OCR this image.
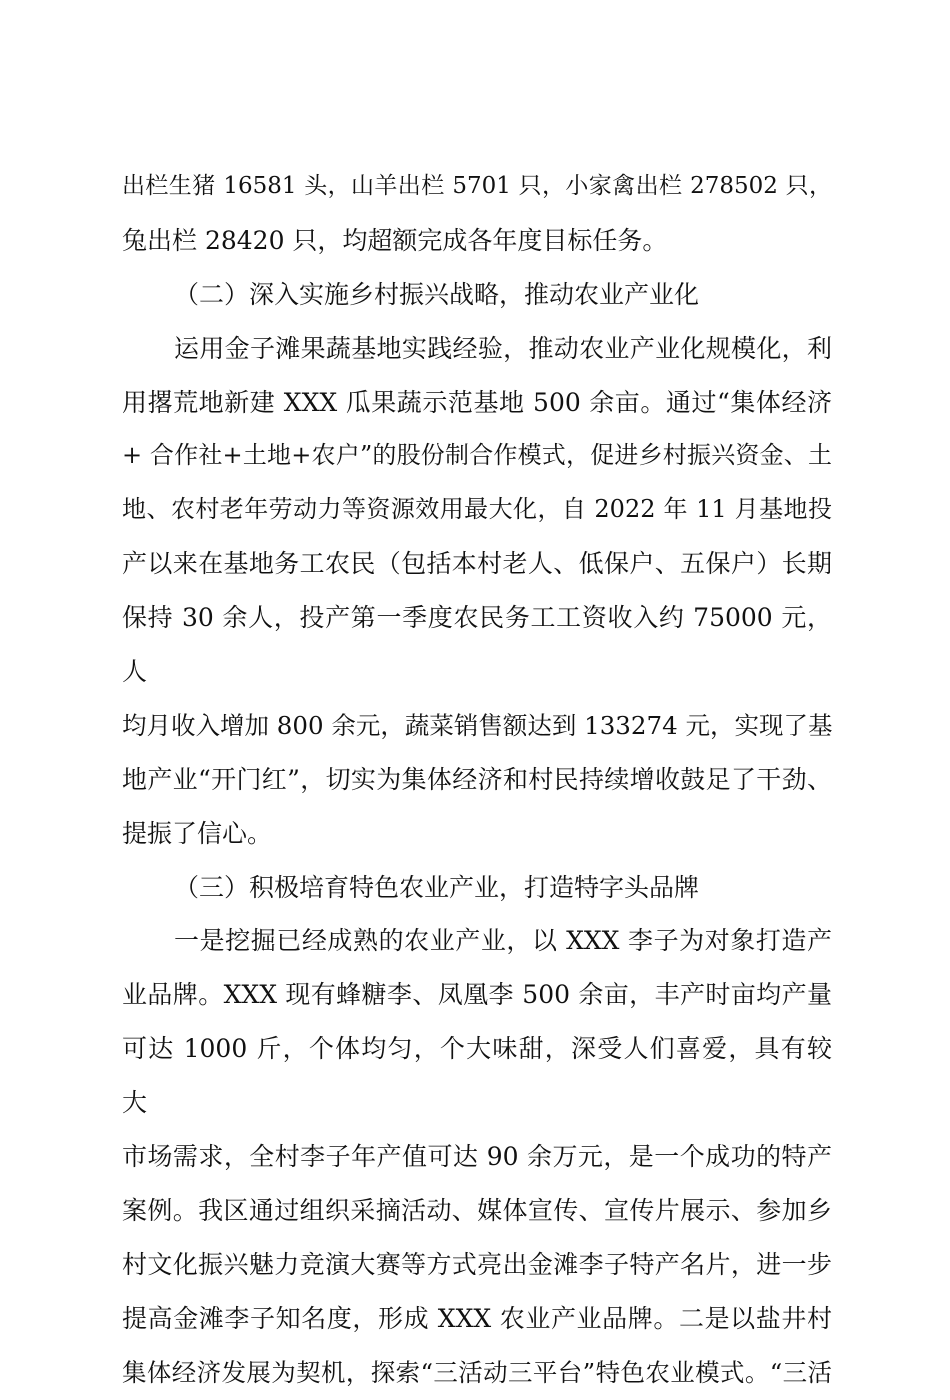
出栏生猪 16581 头，山羊出栏 5701 只，小家禽出栏 278502 只，
兔出栏 28420 只，均超额完成各年度目标任务。
（二）深入实施乡村振兴战略，推动农业产业化
运用金子滩果蔬基地实践经验，推动农业产业化规模化，利
用撂荒地新建 XXX 瓜果蔬示范基地 500 余亩。通过“集体经济
+ 合作社+土地+农户”的股份制合作模式，促进乡村振兴资金、土
地、农村老年劳动力等资源效用最大化，自 2022 年 11 月基地投
产以来在基地务工农民（包括本村老人、低保户、五保户）长期
保持 30 余人，投产第一季度农民务工工资收入约 75000 元，
人
均月收入增加 800 余元，蔬菜销售额达到 133274 元，实现了基
地产业“开门红”，切实为集体经济和村民持续增收鼓足了干劲、
提振了信心。
（三）积极培育特色农业产业，打造特字头品牌
一是挖掘已经成熟的农业产业，以 XXX 李子为对象打造产
业品牌。XXX 现有蜂糖李、凤凰李 500 余亩，丰产时亩均产量
可达 1000 斤，个体均匀，个大味甜，深受人们喜爱，具有较
大
市场需求，全村李子年产值可达 90 余万元，是一个成功的特产
案例。我区通过组织采摘活动、媒体宣传、宣传片展示、参加乡
村文化振兴魅力竞演大赛等方式亮出金滩李子特产名片，进一步
提高金滩李子知名度，形成 XXX 农业产业品牌。二是以盐井村
集体经济发展为契机，探索“三活动三平台”特色农业模式。“三活
